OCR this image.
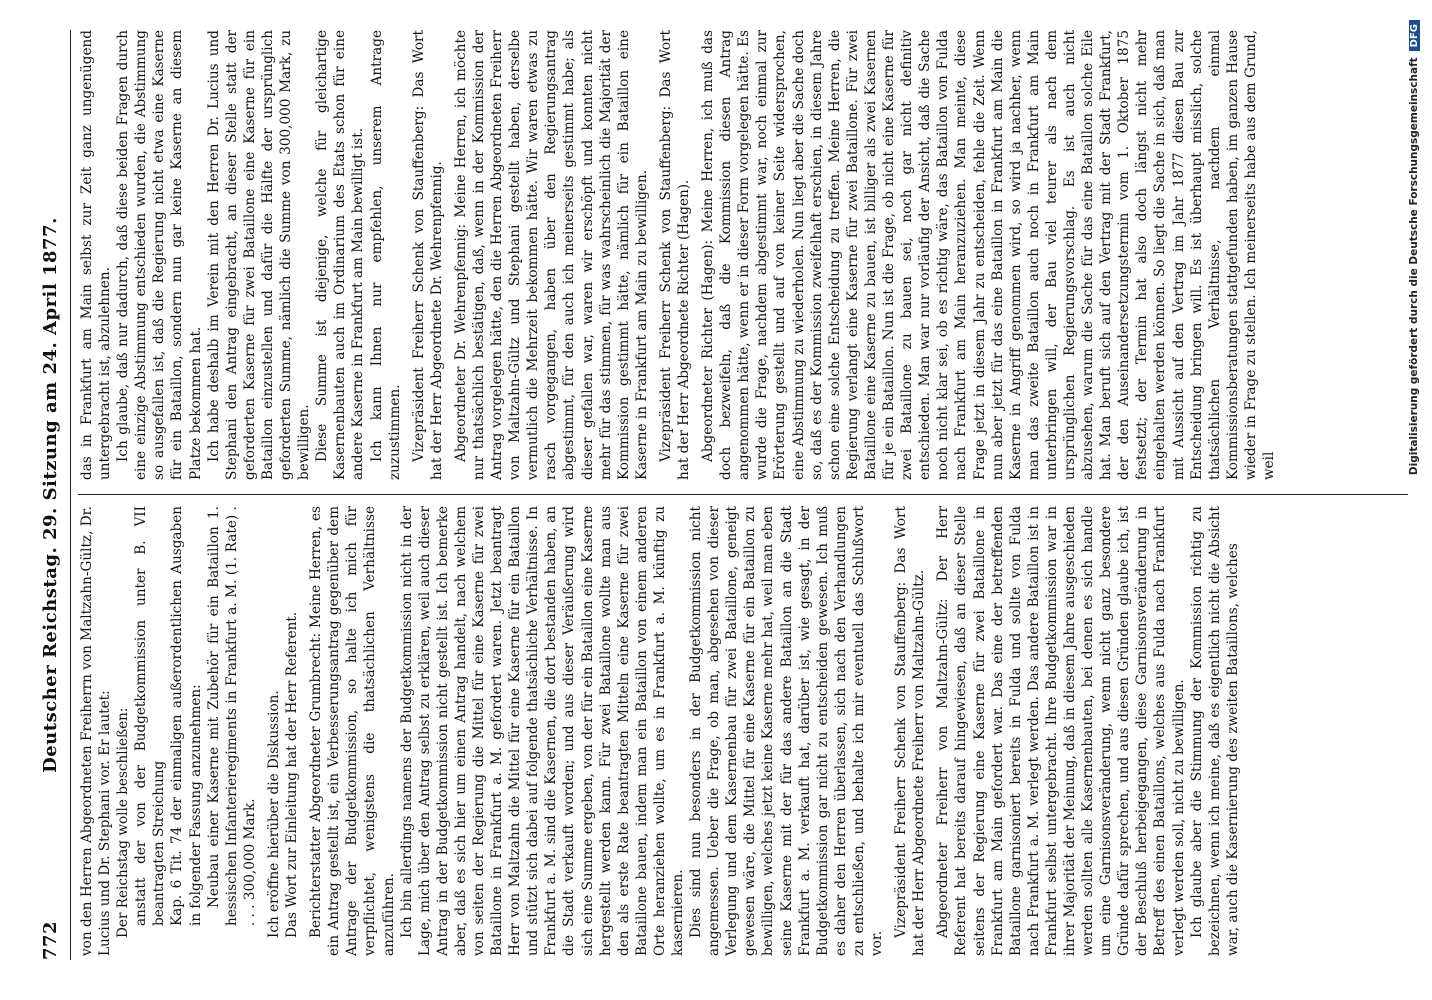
772
Deutscher Reichstag. 29. Sitzung am 24. April 1877. von den Herren Abgeordneten Freiherrn von Maltzahn-Gültz, Dr. Lucius und Dr. Stephani vor. Er lautet: Der Reichstag wolle beschließen: anstatt der von der Budgetkommission unter B. VII beantragten Streichung Kap. 6 Tit. 74 der einmaligen außerordentlichen Ausgaben in folgender Fassung anzunehmen: Neubau einer Kaserne mit Zubehör für ein Bataillon 1. hessischen Infanterieregiments in Frankfurt a. M. (1. Rate) . . . . 300,000 Mark. Ich eröffne hierüber die Diskussion. Das Wort zur Einleitung hat der Herr Referent. Berichterstatter Abgeordneter Grumbrecht: Meine Herren, es ein Antrag gestellt ist, ein Verbesserungsantrag gegenüber dem Antrage der Budgetkommission, so halte ich mich für verpflichtet, wenigstens die thatsächlichen Verhältnisse anzuführen. Ich bin allerdings namens der Budgetkommission nicht in der Lage, mich über den Antrag selbst zu erklären, weil auch dieser Antrag in der Budgetkommission nicht gestellt ist. Ich bemerke aber, daß es sich hier um einen Antrag handelt, nach welchem von seiten der Regierung die Mittel für eine Kaserne für zwei Bataillone in Frankfurt a. M. gefordert waren. Jetzt beantragt Herr von Maltzahn die Mittel für eine Kaserne für ein Bataillon und stützt sich dabei auf folgende thatsächliche Verhältnisse. In Frankfurt a. M. sind die Kasernen, die dort bestanden haben, an die Stadt verkauft worden; und aus dieser Veräußerung wird sich eine Summe ergeben, von der für ein Bataillon eine Kaserne hergestellt werden kann. Für zwei Bataillone wollte man aus den als erste Rate beantragten Mitteln eine Kaserne für zwei Bataillone bauen, indem man ein Bataillon von einem anderen Orte heranziehen wollte, um es in Frankfurt a. M. künftig zu kasernieren. Dies sind nun besonders in der Budgetkommission nicht angemessen. Ueber die Frage, ob man, abgesehen von dieser Verlegung und dem Kasernenbau für zwei Bataillone, geneigt gewesen wäre, die Mittel für eine Kaserne für ein Bataillon zu bewilligen, welches jetzt keine Kaserne mehr hat, weil man eben seine Kaserne mit der für das andere Bataillon an die Stadt Frankfurt a. M. verkauft hat, darüber ist, wie gesagt, in der Budgetkommission gar nicht zu entscheiden gewesen. Ich muß es daher den Herren überlassen, sich nach den Verhandlungen zu entschließen, und behalte ich mir eventuell das Schlußwort vor.

Vizepräsident Freiherr Schenk von Stauffenberg: Das Wort hat der Herr Abgeordnete Freiherr von Maltzahn-Gültz. Abgeordneter Freiherr von Maltzahn-Gültz: Der Herr Referent hat bereits darauf hingewiesen, daß an dieser Stelle seitens der Regierung eine Kaserne für zwei Bataillone in Frankfurt am Main gefordert war. Das eine der betreffenden Bataillone garnisoniert bereits in Fulda und sollte von Fulda nach Frankfurt a. M. verlegt werden. Das andere Bataillon ist in Frankfurt selbst untergebracht. Ihre Budgetkommission war in ihrer Majorität der Meinung, daß in diesem Jahre ausgeschieden werden sollten alle Kasernenbauten, bei denen es sich handle um eine Garnisonsveränderung, wenn nicht ganz besondere Gründe dafür sprechen, und aus diesen Gründen glaube ich, ist der Beschluß herbeigegangen, diese Garnisonsveränderung in Betreff des einen Bataillons, welches aus Fulda nach Frankfurt verlegt werden soll, nicht zu bewilligen. Ich glaube aber die Stimmung der Kommission richtig zu bezeichnen, wenn ich meine, daß es eigentlich nicht die Absicht war, auch die Kasernierung des zweiten Bataillons, welches

das in Frankfurt am Main selbst zur Zeit ganz ungenügend untergebracht ist, abzulehnen. Ich glaube, daß nur dadurch, daß diese beiden Fragen durch eine einzige Abstimmung entschieden wurden, die Abstimmung so ausgefallen ist, daß die Regierung nicht etwa eine Kaserne für ein Bataillon, sondern nun gar keine Kaserne an diesem Platze bekommen hat. Ich habe deshalb im Verein mit den Herren Dr. Lucius und Stephani den Antrag eingebracht, an dieser Stelle statt der geforderten Kaserne für zwei Bataillone eine Kaserne für ein Bataillon einzustellen und dafür die Hälfte der ursprünglich geforderten Summe, nämlich die Summe von 300,000 Mark, zu bewilligen. Diese Summe ist diejenige, welche für gleichartige Kasernenbauten auch im Ordinarium des Etats schon für eine andere Kaserne in Frankfurt am Main bewilligt ist. Ich kann Ihnen nur empfehlen, unserem Antrage zuzustimmen. Vizepräsident Freiherr Schenk von Stauffenberg: Das Wort hat der Herr Abgeordnete Dr. Wehrenpfennig. Abgeordneter Dr. Wehrenpfennig: Meine Herren, ich möchte nur thatsächlich bestätigen, daß, wenn in der Kommission der Antrag vorgelegen hätte, den die Herren Abgeordneten Freiherr von Maltzahn-Gültz und Stephani gestellt haben, derselbe vermutlich die Mehrzeit bekommen hätte. Wir waren etwas zu rasch vorgegangen, haben über den Regierungsantrag abgestimmt, für den auch ich meinerseits gestimmt habe; als dieser gefallen war, waren wir erschöpft und konnten nicht mehr für das stimmen, für was wahrscheinlich die Majorität der Kommission gestimmt hätte, nämlich für ein Bataillon eine Kaserne in Frankfurt am Main zu bewilligen. Vizepräsident Freiherr Schenk von Stauffenberg: Das Wort hat der Herr Abgeordnete Richter (Hagen). Abgeordneter Richter (Hagen): Meine Herren, ich muß das doch bezweifeln, daß die Kommission diesen Antrag angenommen hätte, wenn er in dieser Form vorgelegen hätte. Es wurde die Frage, nachdem abgestimmt war, noch einmal zur Erörterung gestellt und auf von keiner Seite widersprochen, eine Abstimmung zu wiederholen. Nun liegt aber die Sache doch so, daß es der Kommission zweifelhaft erschien, in diesem Jahre schon eine solche Entscheidung zu treffen. Meine Herren, die Regierung verlangt eine Kaserne für zwei Bataillone. Für zwei Bataillone eine Kaserne zu bauen, ist billiger als zwei Kasernen für je ein Bataillon. Nun ist die Frage, ob nicht eine Kaserne für zwei Bataillone zu bauen sei, noch gar nicht definitiv entschieden. Man war nur vorläufig der Ansicht, daß die Sache noch nicht klar sei, ob es richtig wäre, das Bataillon von Fulda nach Frankfurt am Main heranzuziehen. Man meinte, diese Frage jetzt in diesem Jahr zu entscheiden, fehle die Zeit. Wenn nun aber jetzt für das eine Bataillon in Frankfurt am Main die Kaserne in Angriff genommen wird, so wird ja nachher, wenn man das zweite Bataillon auch noch in Frankfurt am Main unterbringen will, der Bau viel teurer als nach dem ursprünglichen Regierungsvorschlag. Es ist auch nicht abzusehen, warum die Sache für das eine Bataillon solche Eile hat. Man beruft sich auf den Vertrag mit der Stadt Frankfurt, der den Auseinandersetzungstermin vom 1. Oktober 1875 festsetzt; der Termin hat also doch längst nicht mehr eingehalten werden können. So liegt die Sache in sich, daß man mit Aussicht auf den Vertrag im Jahr 1877 diesen Bau zur Entscheidung bringen will. Es ist überhaupt misslich, solche thatsächlichen Verhältnisse, nachdem einmal Kommissionsberatungen stattgefunden haben, im ganzen Hause wieder in Frage zu stellen. Ich meinerseits habe aus dem Grund, weil	Digitalisierung gefördert durch die Deutsche ForschungsgemeinschaftDFG
